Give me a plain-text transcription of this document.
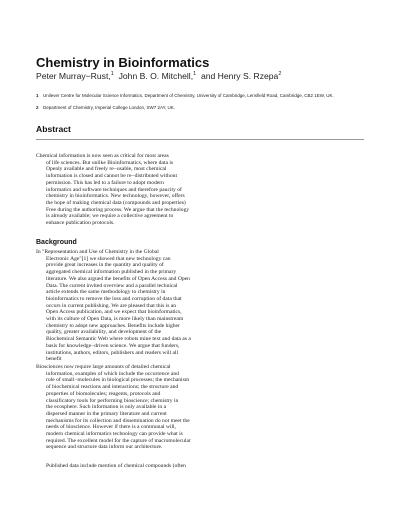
Chemistry in Bioinformatics
Peter Murray−Rust,$^1$ John B. O. Mitchell,$^1$ and Henry S. Rzepa$^2$
1 Unilever Centre for Molecular Science Informatics, Department of Chemistry, University of Cambridge, Lensfield Road, Cambridge, CB2 1EW, UK.
2 Department of Chemistry, Imperial College London, SW7 2AY, UK.
Abstract
Chemical information is now seen as critical for most areas
of life sciences. But unlike Bioinformatics, where data is
Openly available and freely re−usable, most chemical
information is closed and cannot be re−distributed without
permission. This has led to a failure to adopt modern
informatics and software techniques and therefore paucity of
chemistry in bioinformatics. New technology, however, offers
the hope of making chemical data (compounds and properties)
Free during the authoring process. We argue that the technology
is already available; we require a collective agreement to
enhance publication protocols.
Background
In "Representation and Use of Chemistry in the Global
Electronic Age"[1] we showed that new technology can
provide great increases in the quantity and quality of
aggregated chemical information published in the primary
literature. We also argued the benefits of Open Access and Open
Data. The current invited overview and a parallel technical
article extends the same methodology to chemistry in
bioinformatics to remove the loss and corruption of data that
occurs in current publishing. We are pleased that this is an
Open Access publication, and we expect that bioinformatics,
with its culture of Open Data, is more likely than mainstream
chemistry to adopt new approaches. Benefits include higher
quality, greater availability, and development of the
Biochemical Semantic Web where robots mine text and data as a
basis for knowledge−driven science. We argue that funders,
institutions, authors, editors, publishers and readers will all
benefit
Biosciences now require large amounts of detailed chemical
information, examples of which include the occurrence and
role of small−molecules in biological processes; the mechanism
of biochemical reactions and interactions; the structure and
properties of biomolecules; reagents, protocols and
classificatory tools for performing bioscience; chemistry in
the ecosphere. Such information is only available in a
dispersed manner in the primary literature and current
mechanisms for its collection and dissemination do not meet the
needs of bioscience. However if there is a communal will,
modern chemical informatics technology can provide what is
required. The excellent model for the capture of macromolecular
sequence and structure data inform our architecture.
Published data include mention of chemical compounds (often
